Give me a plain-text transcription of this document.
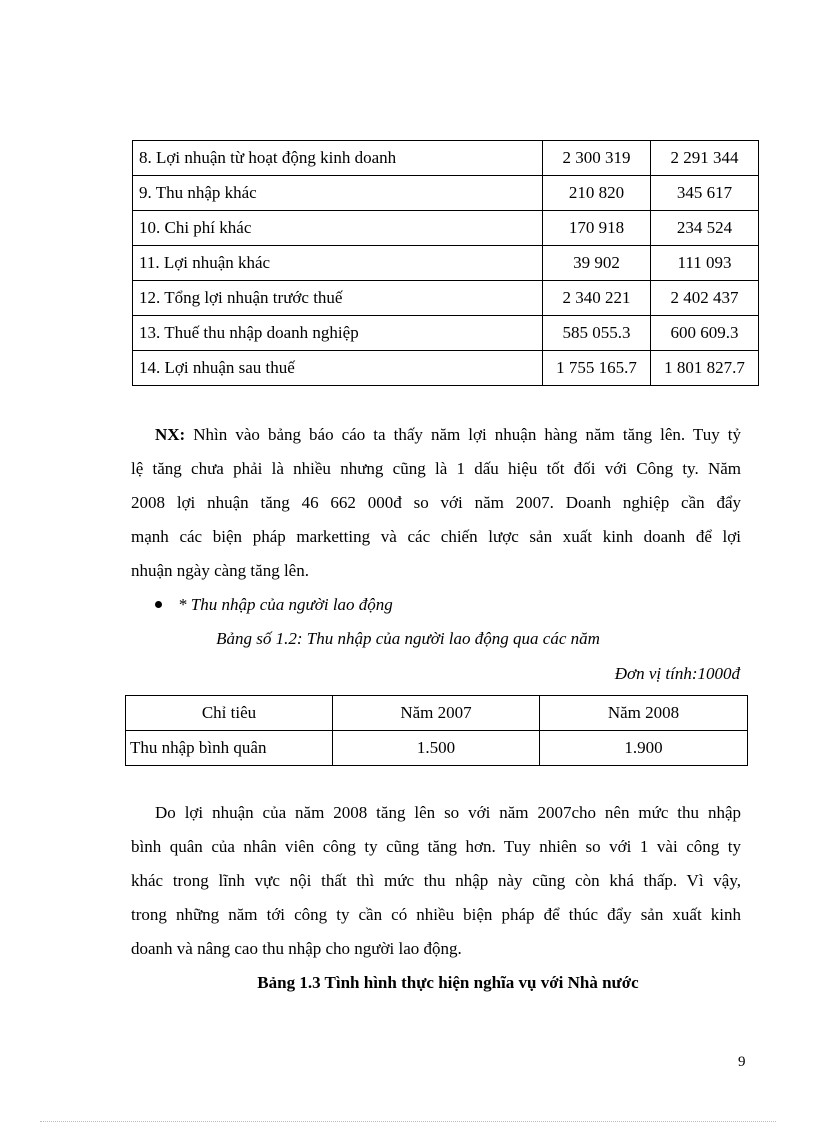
8. Lợi nhuận từ hoạt động kinh doanh	2 300 319	2 291 344
9. Thu nhập khác	210 820	345 617
10. Chi phí khác	170 918	234 524
11. Lợi nhuận khác	39 902	111 093
12. Tổng lợi nhuận trước thuế	2 340 221	2 402 437
13. Thuế thu nhập doanh nghiệp	585 055.3	600 609.3
14. Lợi nhuận sau thuế	1 755 165.7	1 801 827.7
NX: Nhìn vào bảng báo cáo ta thấy năm lợi nhuận hàng năm tăng lên. Tuy tỷ
lệ tăng chưa phải là nhiều nhưng cũng là 1 dấu hiệu tốt đối với Công ty. Năm
2008 lợi nhuận tăng 46 662 000đ so với năm 2007. Doanh nghiệp cần đẩy
mạnh các biện pháp marketting và các chiến lược sản xuất kinh doanh để lợi
nhuận ngày càng tăng lên.
* Thu nhập của người lao động
Bảng số 1.2: Thu nhập của người lao động qua các năm
Đơn vị tính:1000đ
Chỉ tiêu	Năm 2007	Năm 2008
Thu nhập bình quân	1.500	1.900
Do lợi nhuận của năm 2008 tăng lên so với năm 2007cho nên mức thu nhập
bình quân của nhân viên công ty cũng tăng hơn. Tuy nhiên so với 1 vài công ty
khác trong lĩnh vực nội thất thì mức thu nhập này cũng còn khá thấp. Vì vậy,
trong những năm tới công ty cần có nhiều biện pháp để thúc đẩy sản xuất kinh
doanh và nâng cao thu nhập cho người lao động.
Bảng 1.3 Tình hình thực hiện nghĩa vụ với Nhà nước
9
